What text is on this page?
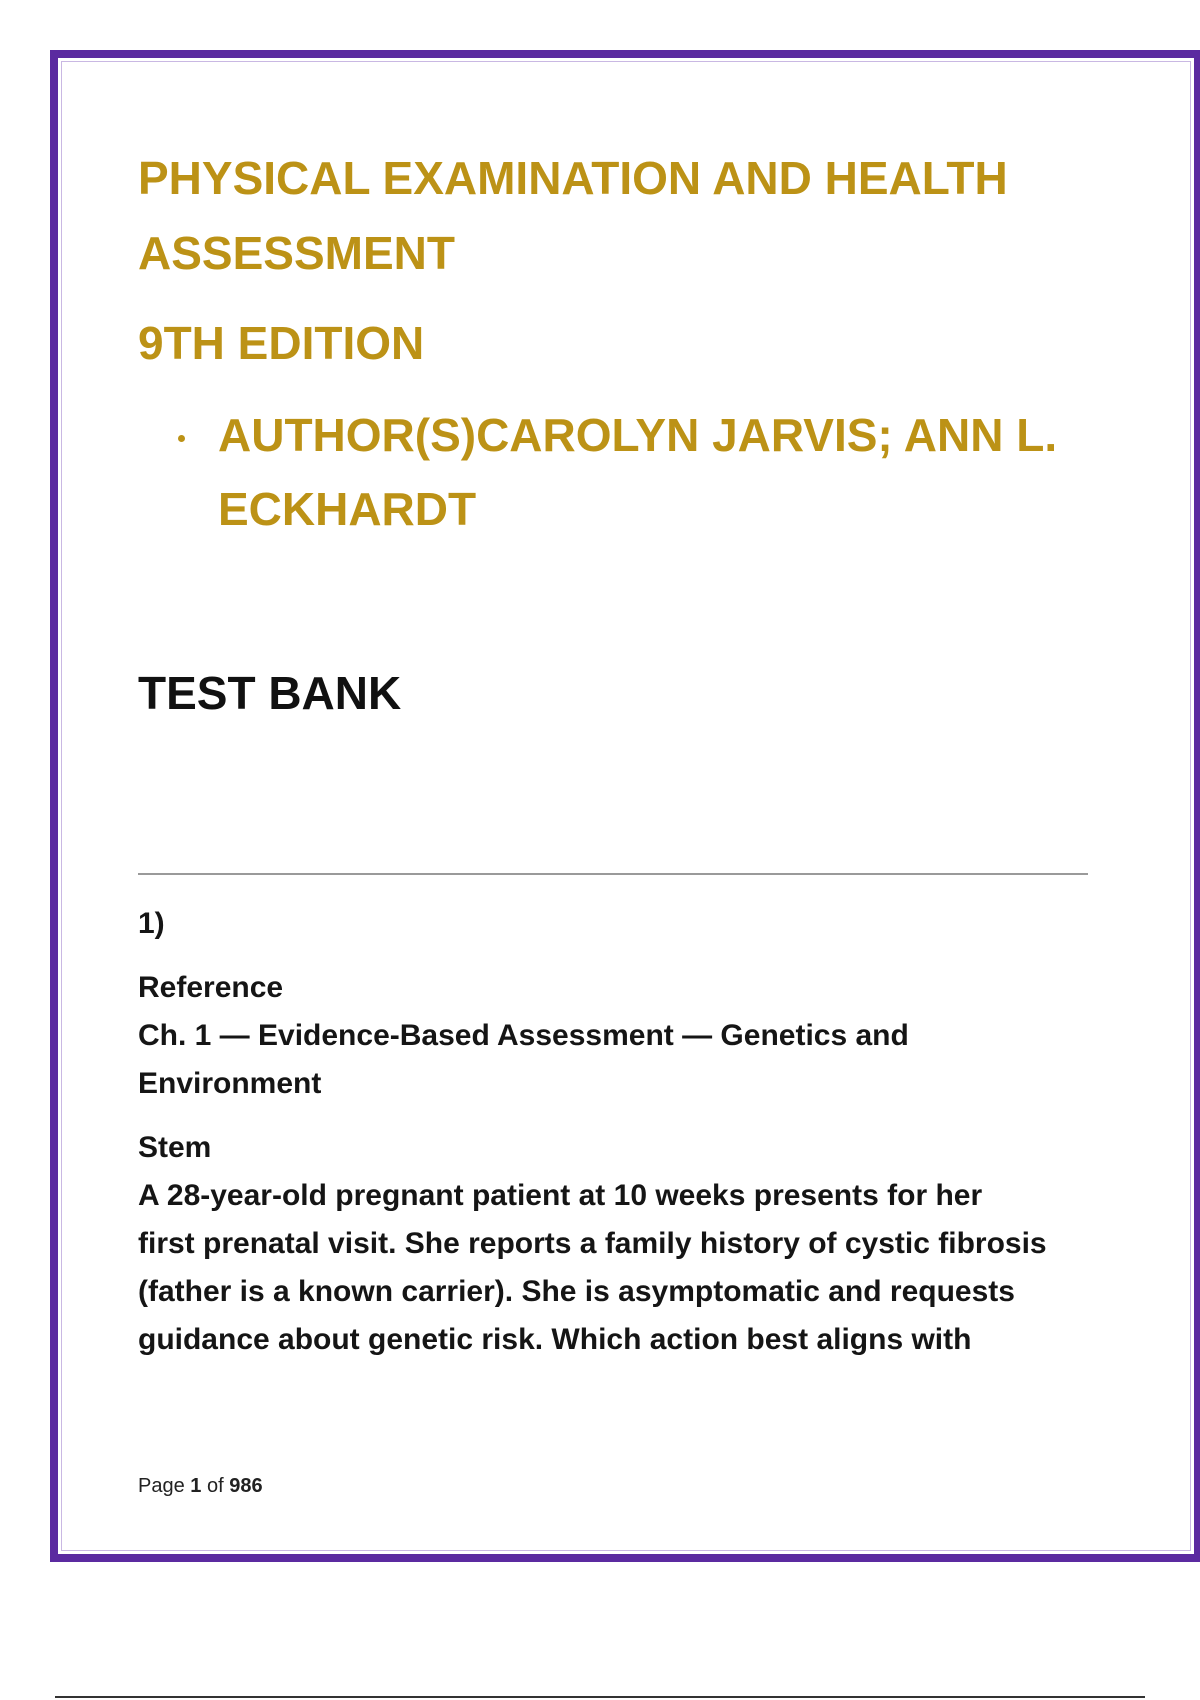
PHYSICAL EXAMINATION AND HEALTH
ASSESSMENT
9TH EDITION
AUTHOR(S)CAROLYN JARVIS; ANN L.
ECKHARDT
TEST BANK

1)

Reference

Ch. 1 — Evidence-Based Assessment — Genetics and

Environment

Stem

A 28-year-old pregnant patient at 10 weeks presents for her

first prenatal visit. She reports a family history of cystic fibrosis

(father is a known carrier). She is asymptomatic and requests

guidance about genetic risk. Which action best aligns with

Page 1 of 986
